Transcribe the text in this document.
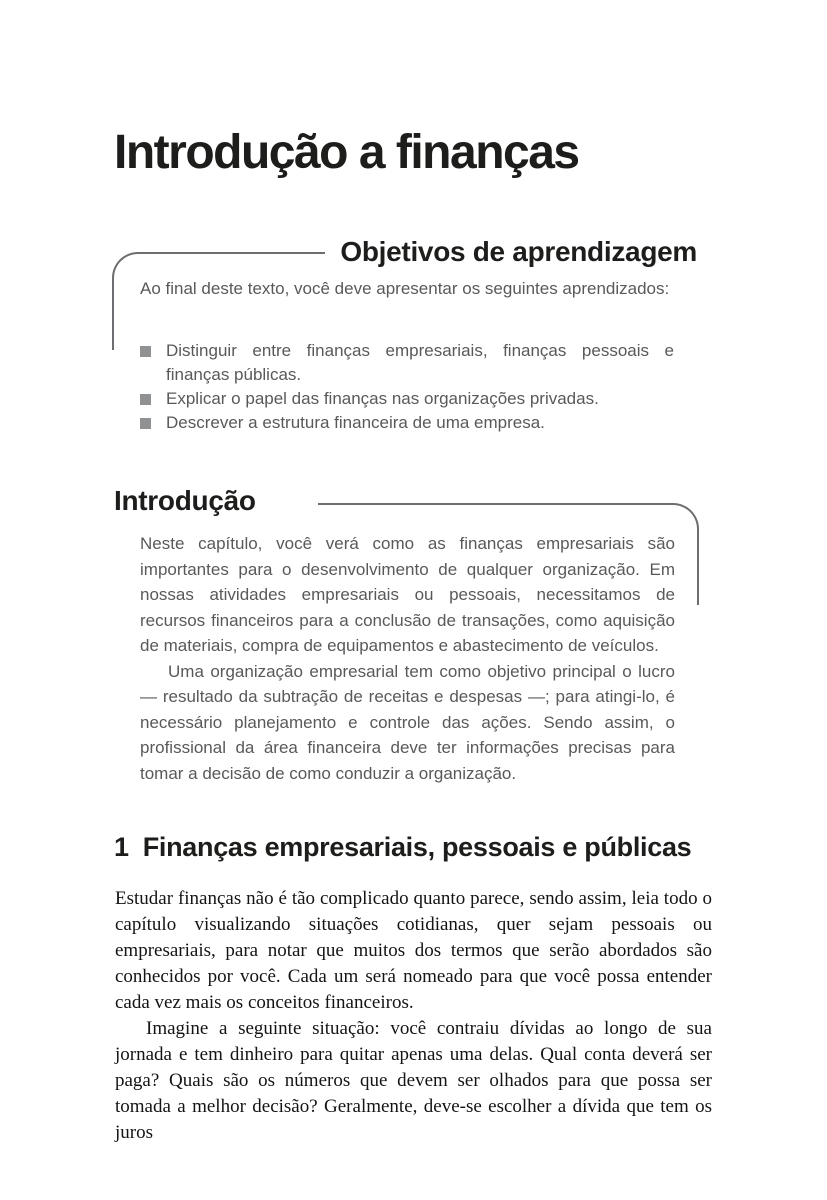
Introdução a finanças
Objetivos de aprendizagem

Ao final deste texto, você deve apresentar os seguintes aprendizados:

Distinguir entre finanças empresariais, finanças pessoais e finanças públicas.
Explicar o papel das finanças nas organizações privadas.
Descrever a estrutura financeira de uma empresa.
Introdução

Neste capítulo, você verá como as finanças empresariais são importantes para o desenvolvimento de qualquer organização. Em nossas atividades empresariais ou pessoais, necessitamos de recursos financeiros para a conclusão de transações, como aquisição de materiais, compra de equipamentos e abastecimento de veículos.

Uma organização empresarial tem como objetivo principal o lucro — resultado da subtração de receitas e despesas —; para atingi-lo, é necessário planejamento e controle das ações. Sendo assim, o profissional da área financeira deve ter informações precisas para tomar a decisão de como conduzir a organização.

1 Finanças empresariais, pessoais e públicas

Estudar finanças não é tão complicado quanto parece, sendo assim, leia todo o capítulo visualizando situações cotidianas, quer sejam pessoais ou empresariais, para notar que muitos dos termos que serão abordados são conhecidos por você. Cada um será nomeado para que você possa entender cada vez mais os conceitos financeiros.

Imagine a seguinte situação: você contraiu dívidas ao longo de sua jornada e tem dinheiro para quitar apenas uma delas. Qual conta deverá ser paga? Quais são os números que devem ser olhados para que possa ser tomada a melhor decisão? Geralmente, deve-se escolher a dívida que tem os juros
